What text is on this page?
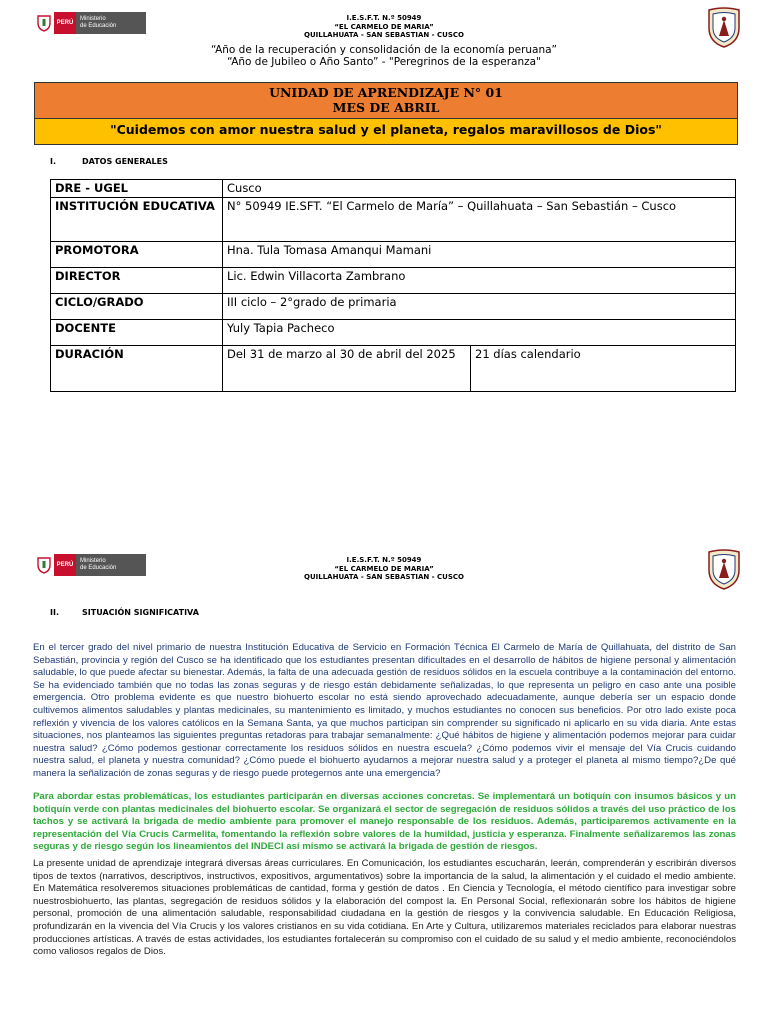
PERÚ
Ministerio
de Educación
I.E.S.F.T. N.º 50949
“EL CARMELO DE MARIA”
QUILLAHUATA - SAN SEBASTIAN - CUSCO
“Año de la recuperación y consolidación de la economía peruana”
“Año de Jubileo o Año Santo” - "Peregrinos de la esperanza"
UNIDAD DE APRENDIZAJE N° 01
MES DE ABRIL
"Cuidemos con amor nuestra salud y el planeta, regalos maravillosos de Dios"
I.	DATOS GENERALES
DRE - UGEL	Cusco	
INSTITUCIÓN EDUCATIVA	N° 50949 IE.SFT. “El Carmelo de María” – Quillahuata – San Sebastián – Cusco	
PROMOTORA	Hna. Tula Tomasa Amanqui Mamani	
DIRECTOR	Lic. Edwin Villacorta Zambrano	
CICLO/GRADO	III ciclo – 2°grado de primaria	
DOCENTE	Yuly Tapia Pacheco	
DURACIÓN	Del 31 de marzo al 30 de abril del 2025	21 días calendario
PERÚ
Ministerio
de Educación
I.E.S.F.T. N.º 50949
“EL CARMELO DE MARIA”
QUILLAHUATA - SAN SEBASTIAN - CUSCO
II.	SITUACIÓN SIGNIFICATIVA

En el tercer grado del nivel primario de nuestra Institución Educativa de Servicio en Formación Técnica El Carmelo de María de Quillahuata, del distrito de San Sebastián, provincia y región del Cusco se ha identificado que los estudiantes presentan dificultades en el desarrollo de hábitos de higiene personal y alimentación saludable, lo que puede afectar su bienestar. Además, la falta de una adecuada gestión de residuos sólidos en la escuela contribuye a la contaminación del entorno. Se ha evidenciado también que no todas las zonas seguras y de riesgo están debidamente señalizadas, lo que representa un peligro en caso ante una posible emergencia. Otro problema evidente es que nuestro biohuerto escolar no está siendo aprovechado adecuadamente, aunque debería ser un espacio donde cultivemos alimentos saludables y plantas medicinales, su mantenimiento es limitado, y muchos estudiantes no conocen sus beneficios. Por otro lado existe poca reflexión y vivencia de los valores católicos en la Semana Santa, ya que muchos participan sin comprender su significado ni aplicarlo en su vida diaria. Ante estas situaciones, nos planteamos las siguientes preguntas retadoras para trabajar semanalmente: ¿Qué hábitos de higiene y alimentación podemos mejorar para cuidar nuestra salud? ¿Cómo podemos gestionar correctamente los residuos sólidos en nuestra escuela? ¿Cómo podemos vivir el mensaje del Vía Crucis cuidando nuestra salud, el planeta y nuestra comunidad? ¿Cómo puede el biohuerto ayudarnos a mejorar nuestra salud y a proteger el planeta al mismo tiempo?¿De qué manera la señalización de zonas seguras y de riesgo puede protegernos ante una emergencia?

Para abordar estas problemáticas, los estudiantes participarán en diversas acciones concretas. Se implementará un botiquín con insumos básicos y un botiquín verde con plantas medicinales del biohuerto escolar. Se organizará el sector de segregación de residuos sólidos a través del uso práctico de los tachos y se activará la brigada de medio ambiente para promover el manejo responsable de los residuos. Además, participaremos activamente en la representación del Vía Crucis Carmelita, fomentando la reflexión sobre valores de la humildad, justicia y esperanza. Finalmente señalizaremos las zonas seguras y de riesgo según los lineamientos del INDECI así mismo se activará la brigada de gestión de riesgos.

La presente unidad de aprendizaje integrará diversas áreas curriculares. En Comunicación, los estudiantes escucharán, leerán, comprenderán y escribirán diversos tipos de textos (narrativos, descriptivos, instructivos, expositivos, argumentativos) sobre la importancia de la salud, la alimentación y el cuidado el medio ambiente. En Matemática resolveremos situaciones problemáticas de cantidad, forma y gestión de datos . En Ciencia y Tecnología, el método científico para investigar sobre nuestrosbiohuerto, las plantas, segregación de residuos sólidos y la elaboración del compost la. En Personal Social, reflexionarán sobre los hábitos de higiene personal, promoción de una alimentación saludable, responsabilidad ciudadana en la gestión de riesgos y la convivencia saludable. En Educación Religiosa, profundizarán en la vivencia del Vía Crucis y los valores cristianos en su vida cotidiana. En Arte y Cultura, utilizaremos materiales reciclados para elaborar nuestras producciones artísticas. A través de estas actividades, los estudiantes fortalecerán su compromiso con el cuidado de su salud y el medio ambiente, reconociéndolos como valiosos regalos de Dios.
